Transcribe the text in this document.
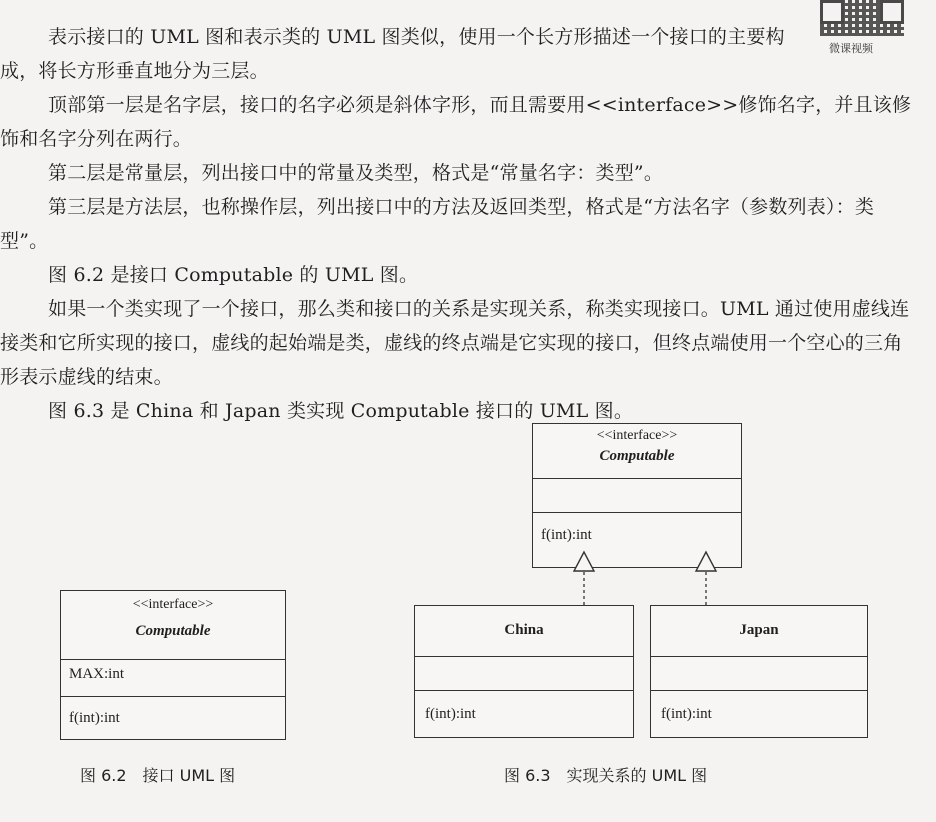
微课视频

表示接口的 UML 图和表示类的 UML 图类似，使用一个长方形描述一个接口的主要构成，将长方形垂直地分为三层。

顶部第一层是名字层，接口的名字必须是斜体字形，而且需要用<<interface>>修饰名字，并且该修饰和名字分列在两行。

第二层是常量层，列出接口中的常量及类型，格式是“常量名字：类型”。

第三层是方法层，也称操作层，列出接口中的方法及返回类型，格式是“方法名字（参数列表）：类型”。

图 6.2 是接口 Computable 的 UML 图。

如果一个类实现了一个接口，那么类和接口的关系是实现关系，称类实现接口。UML 通过使用虚线连接类和它所实现的接口，虚线的起始端是类，虚线的终点端是它实现的接口，但终点端使用一个空心的三角形表示虚线的结束。

图 6.3 是 China 和 Japan 类实现 Computable 接口的 UML 图。

<<interface>>
Computable
MAX:int
f(int):int
图 6.2　接口 UML 图
<<interface>>
Computable
f(int):int
China
f(int):int
Japan
f(int):int
图 6.3　实现关系的 UML 图
